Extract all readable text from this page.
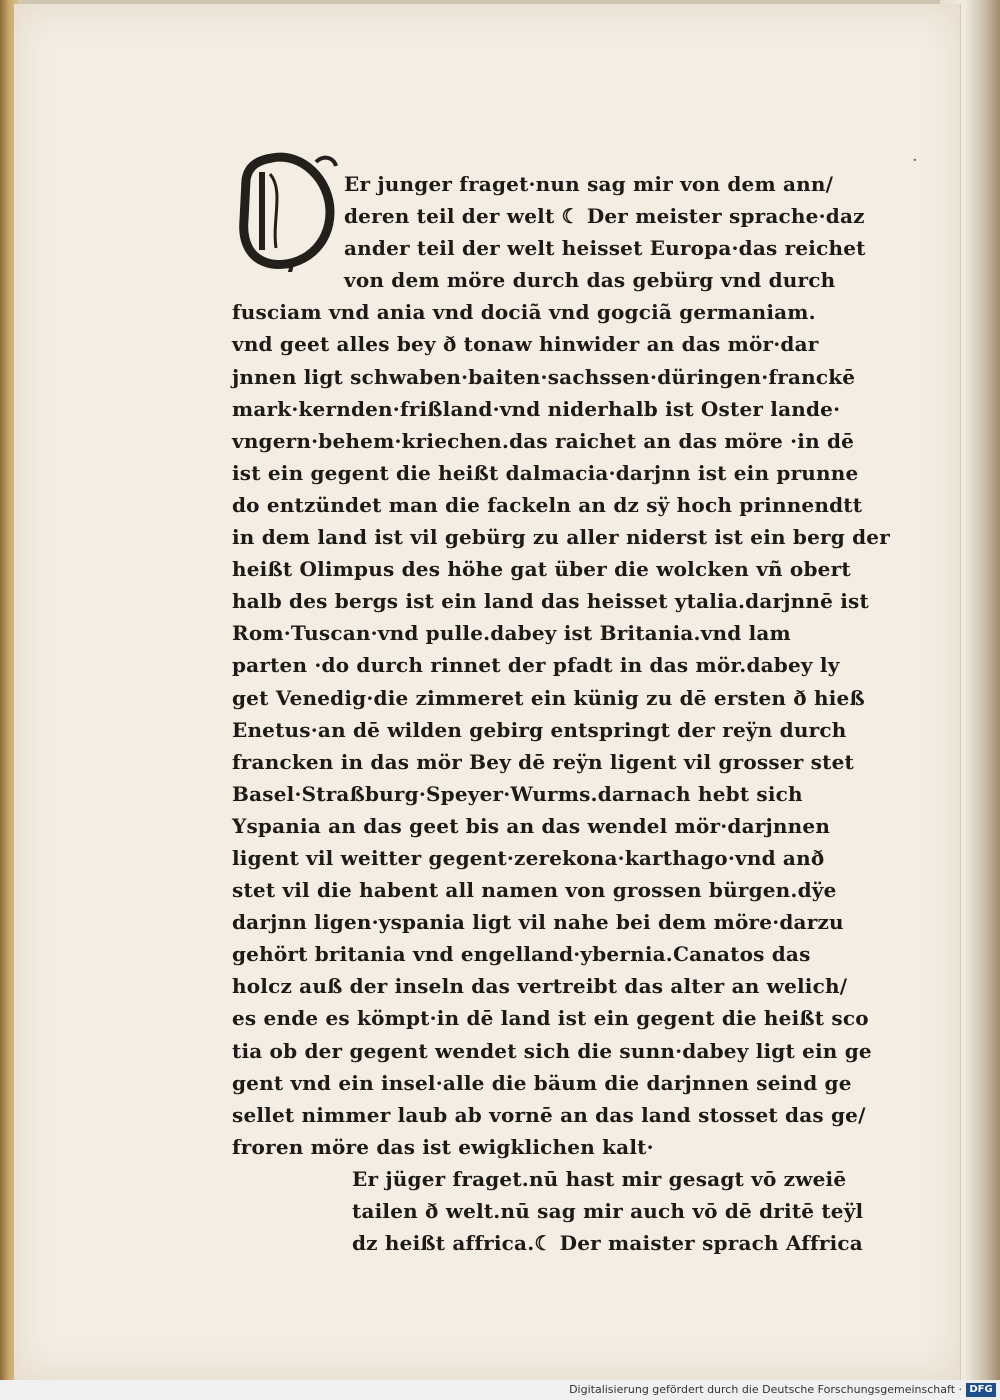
·
Er junger fraget·nun sag mir von dem ann/
deren teil der welt ☾ Der meister sprache·daz
ander teil der welt heisset Europa·das reichet
von dem möre durch das gebürg vnd durch
fusciam vnd ania vnd dociã vnd gogciã germaniam.
vnd geet alles bey ð tonaw hinwider an das mör·dar
jnnen ligt schwaben·baiten·sachssen·düringen·franckē
mark·kernden·frißland·vnd niderhalb ist Oster lande·
vngern·behem·kriechen.das raichet an das möre ·in dē
ist ein gegent die heißt dalmacia·darjnn ist ein prunne
do entzündet man die fackeln an dz sÿ hoch prinnendtt
in dem land ist vil gebürg zu aller niderst ist ein berg der
heißt Olimpus des höhe gat über die wolcken vñ obert
halb des bergs ist ein land das heisset ytalia.darjnnē ist
Rom·Tuscan·vnd pulle.dabey ist Britania.vnd lam
parten ·do durch rinnet der pfadt in das mör.dabey ly
get Venedig·die zimmeret ein künig zu dē ersten ð hieß
Enetus·an dē wilden gebirg entspringt der reÿn durch
francken in das mör Bey dē reÿn ligent vil grosser stet
Basel·Straßburg·Speyer·Wurms.darnach hebt sich
Yspania an das geet bis an das wendel mör·darjnnen
ligent vil weitter gegent·zerekona·karthago·vnd anð
stet vil die habent all namen von grossen bürgen.dÿe
darjnn ligen·yspania ligt vil nahe bei dem möre·darzu
gehört britania vnd engelland·ybernia.Canatos das
holcz auß der inseln das vertreibt das alter an welich/
es ende es kömpt·in dē land ist ein gegent die heißt sco
tia ob der gegent wendet sich die sunn·dabey ligt ein ge
gent vnd ein insel·alle die bäum die darjnnen seind ge
sellet nimmer laub ab vornē an das land stosset das ge/
froren möre das ist ewigklichen kalt·
Er jüger fraget.nū hast mir gesagt vō zweiē
tailen ð welt.nū sag mir auch vō dē dritē teÿl
dz heißt affrica.☾ Der maister sprach Affrica
Digitalisierung gefördert durch die Deutsche Forschungsgemeinschaft · DFG
